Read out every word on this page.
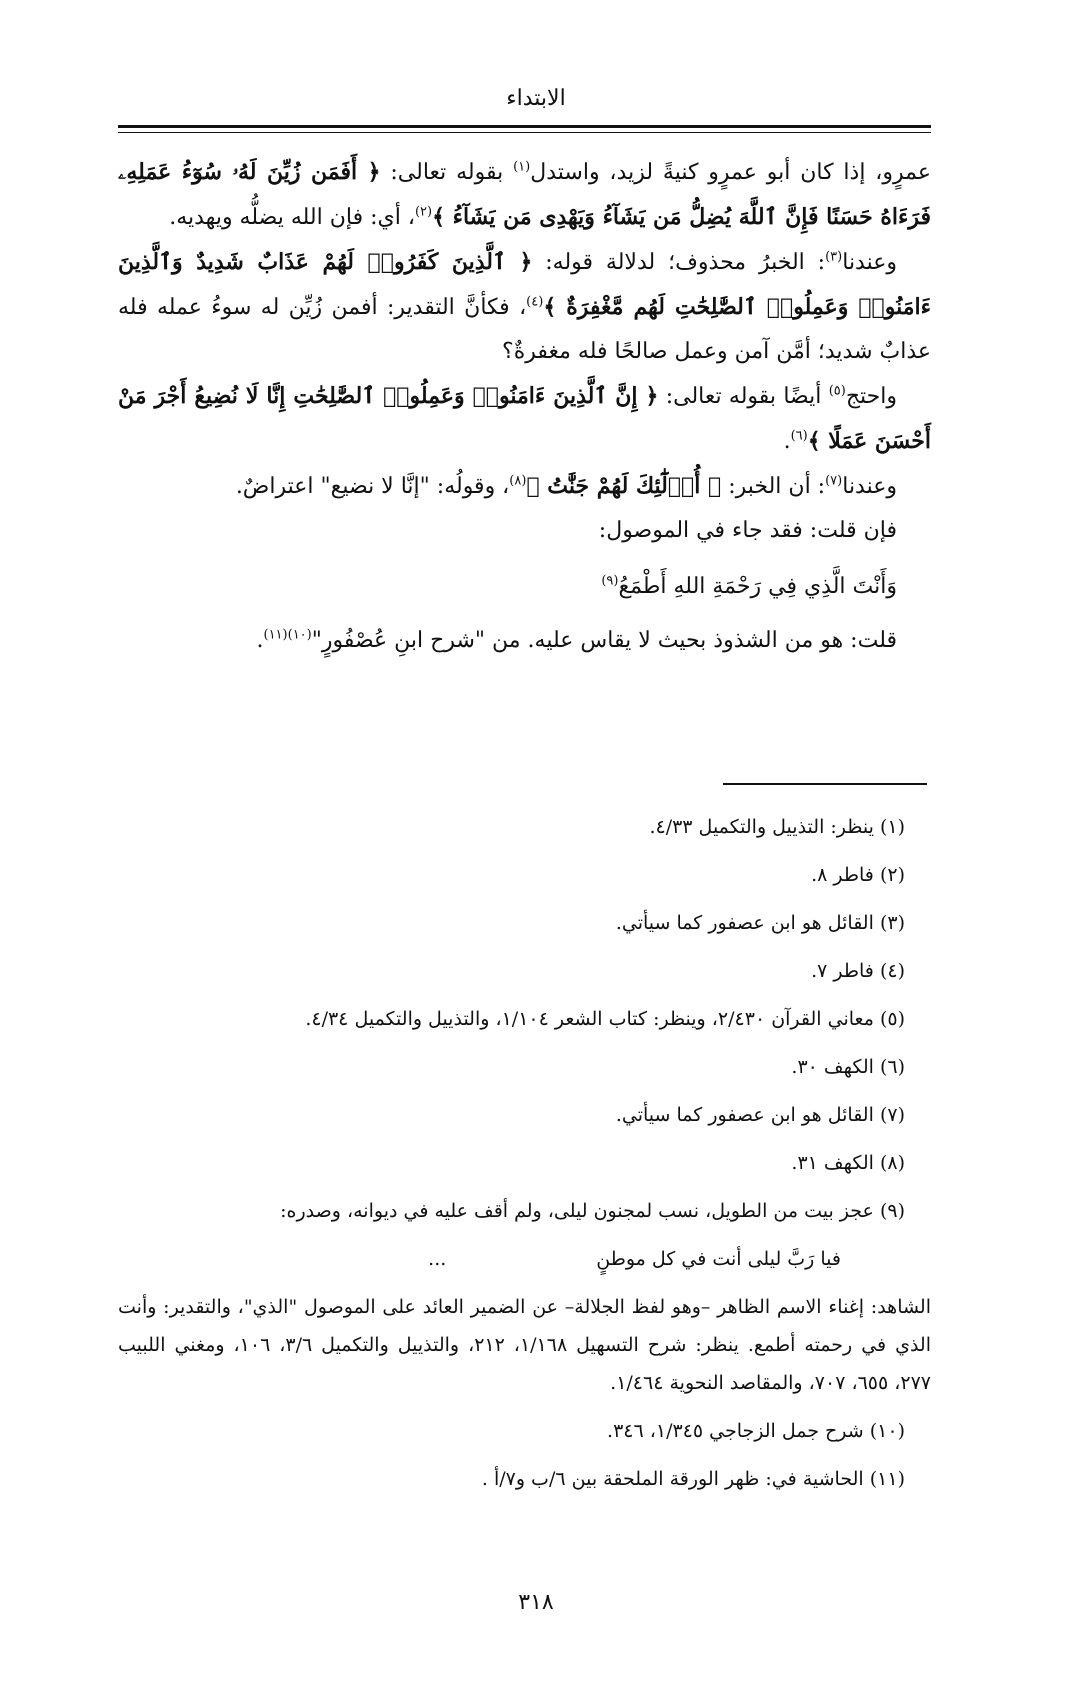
الابتداء

عمرٍو، إذا كان أبو عمرٍو كنيةً لزيد، واستدل$^{(١)}$ بقوله تعالى: ﴿ أَفَمَن زُيِّنَ لَهُۥ سُوٓءُ عَمَلِهِۦ فَرَءَاهُ حَسَنًا فَإِنَّ ٱللَّهَ يُضِلُّ مَن يَشَآءُ وَيَهْدِى مَن يَشَآءُ ﴾$^{(٢)}$، أي: فإن الله يضلُّه ويهديه.

وعندنا$^{(٣)}$: الخبرُ محذوف؛ لدلالة قوله: ﴿ ٱلَّذِينَ كَفَرُوا۟ لَهُمْ عَذَابٌ شَدِيدٌ وَٱلَّذِينَ ءَامَنُوا۟ وَعَمِلُوا۟ ٱلصَّٰلِحَٰتِ لَهُم مَّغْفِرَةٌ ﴾$^{(٤)}$، فكأنَّ التقدير: أفمن زُيِّن له سوءُ عمله فله عذابٌ شديد؛ أمَّن آمن وعمل صالحًا فله مغفرةٌ؟

واحتج$^{(٥)}$ أيضًا بقوله تعالى: ﴿ إِنَّ ٱلَّذِينَ ءَامَنُوا۟ وَعَمِلُوا۟ ٱلصَّٰلِحَٰتِ إِنَّا لَا نُضِيعُ أَجْرَ مَنْ أَحْسَنَ عَمَلًا ﴾$^{(٦)}$.

وعندنا$^{(٧)}$: أن الخبر: ﴿ أُو۟لَٰٓئِكَ لَهُمْ جَنَّٰتُ ﴾$^{(٨)}$، وقولُه: "إنَّا لا نضيع" اعتراضٌ.

فإن قلت: فقد جاء في الموصول:

وَأَنْتَ الَّذِي فِي رَحْمَةِ اللهِ أَطْمَعُ$^{(٩)}$

قلت: هو من الشذوذ بحيث لا يقاس عليه. من "شرح ابنِ عُصْفُورٍ"$^{(١٠)(١١)}$.

(١) ينظر: التذييل والتكميل ٤/٣٣.

(٢) فاطر ٨.

(٣) القائل هو ابن عصفور كما سيأتي.

(٤) فاطر ٧.

(٥) معاني القرآن ٢/٤٣٠، وينظر: كتاب الشعر ١/١٠٤، والتذييل والتكميل ٤/٣٤.

(٦) الكهف ٣٠.

(٧) القائل هو ابن عصفور كما سيأتي.

(٨) الكهف ٣١.

(٩) عجز بيت من الطويل، نسب لمجنون ليلى، ولم أقف عليه في ديوانه، وصدره:

فيا رَبَّ ليلى أنت في كل موطنٍ...

الشاهد: إغناء الاسم الظاهر –وهو لفظ الجلالة– عن الضمير العائد على الموصول "الذي"، والتقدير: وأنت الذي في رحمته أطمع. ينظر: شرح التسهيل ١/١٦٨، ٢١٢، والتذييل والتكميل ٣/٦، ١٠٦، ومغني اللبيب ٢٧٧، ٦٥٥، ٧٠٧، والمقاصد النحوية ١/٤٦٤.

(١٠) شرح جمل الزجاجي ١/٣٤٥، ٣٤٦.

(١١) الحاشية في: ظهر الورقة الملحقة بين ٦/ب و٧/أ .

٣١٨
